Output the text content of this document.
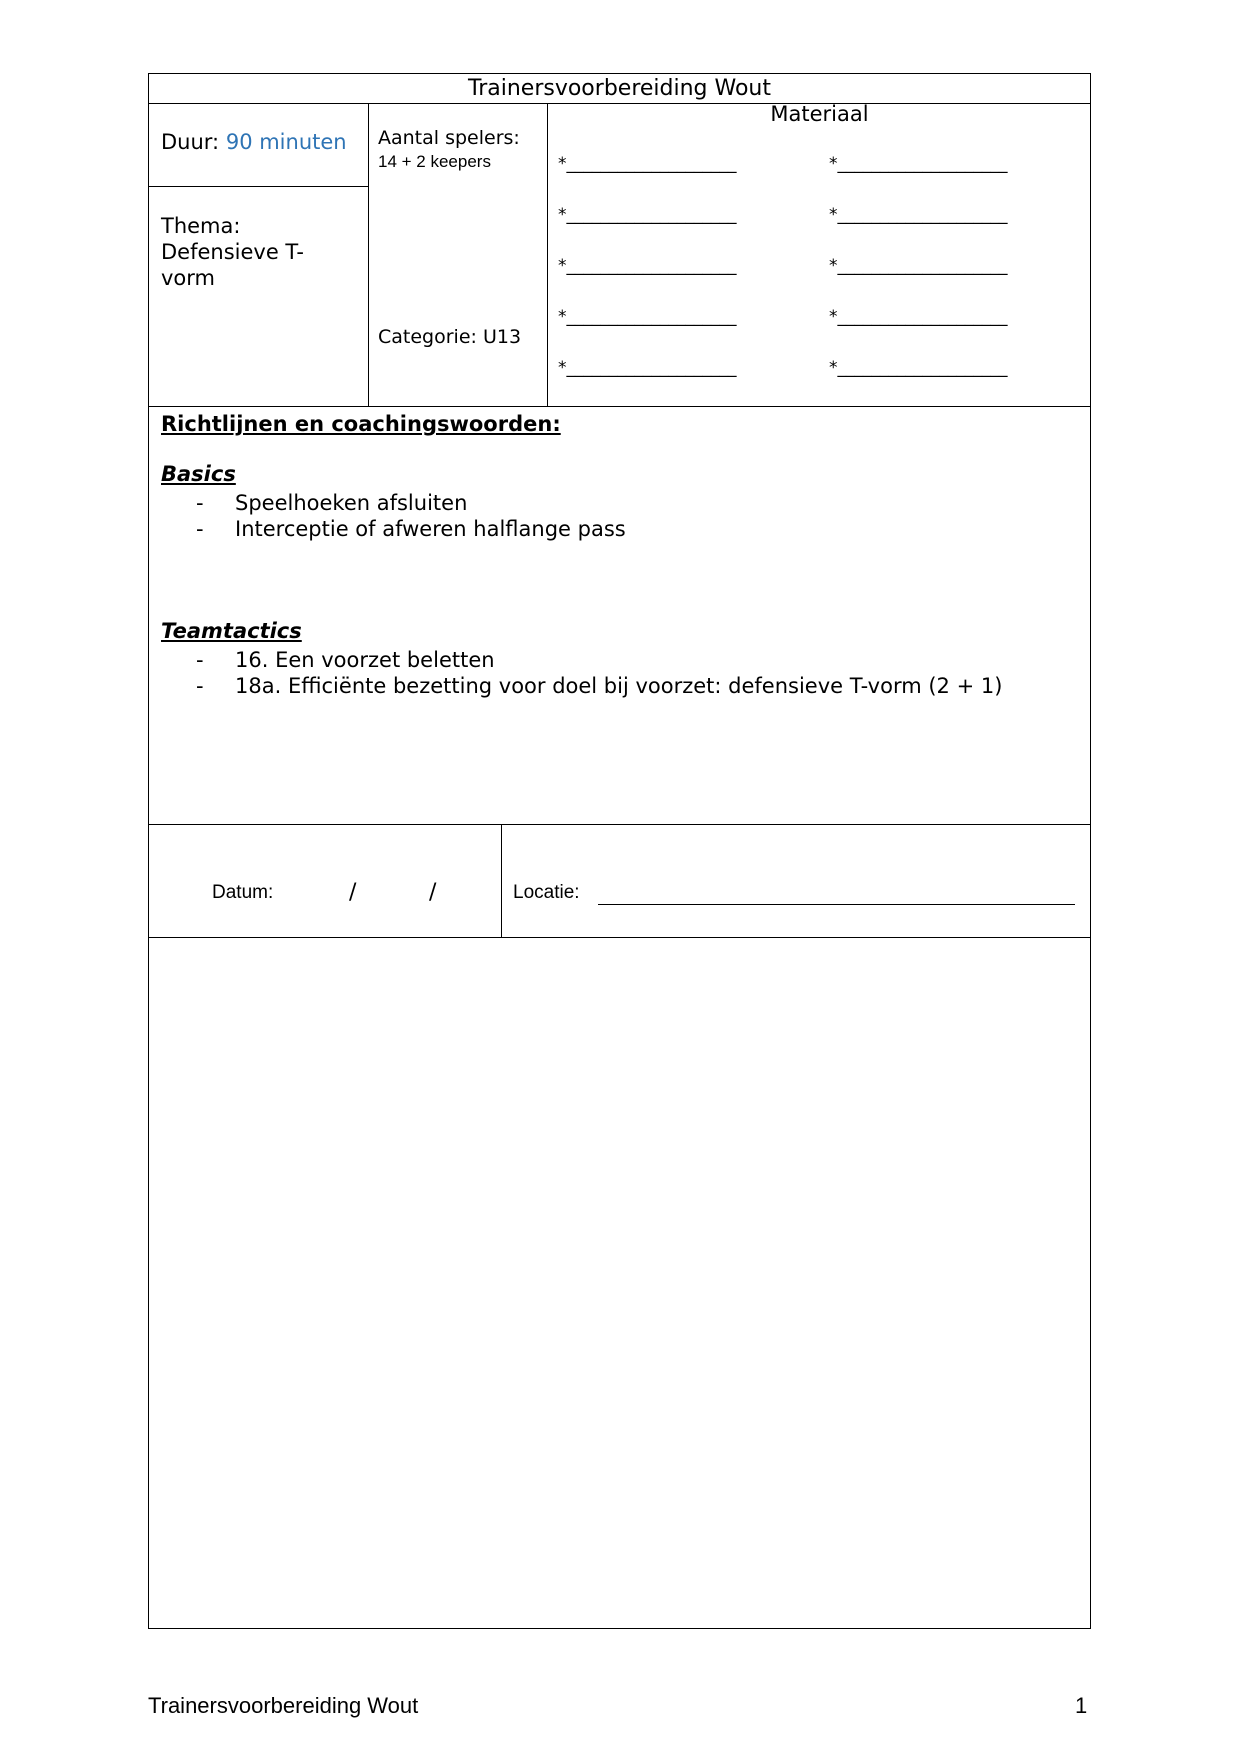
Trainersvoorbereiding Wout
Duur: 90 minuten
Thema:
Defensieve T-
vorm
Aantal spelers:
14 + 2 keepers
Categorie: U13
Materiaal
*____________________	*____________________
*____________________	*____________________
*____________________	*____________________
*____________________	*____________________
*____________________	*____________________
Richtlijnen en coachingswoorden:
Basics
- Speelhoeken afsluiten
- Interceptie of afweren halflange pass
Teamtactics
- 16. Een voorzet beletten
- 18a. Efficiënte bezetting voor doel bij voorzet: defensieve T-vorm (2 + 1)
Datum:	/	/	Locatie:
Trainersvoorbereiding Wout	1
